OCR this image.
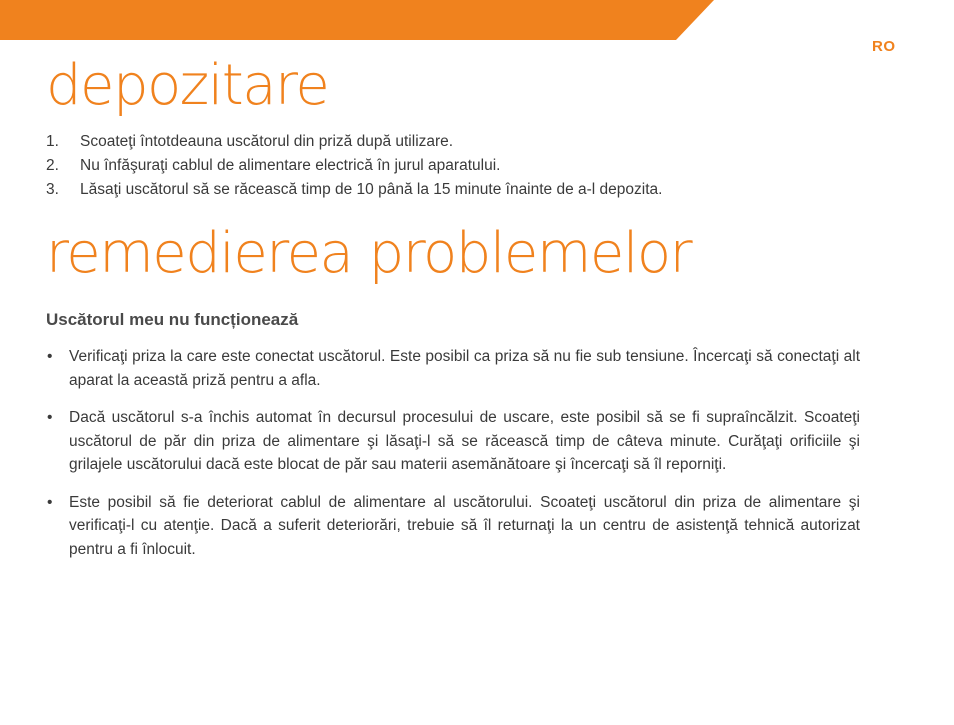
RO
depozitare
1.	Scoateţi întotdeauna uscătorul din priză după utilizare.
2.	Nu înfăşuraţi cablul de alimentare electrică în jurul aparatului.
3.	Lăsaţi uscătorul să se răcească timp de 10 până la 15 minute înainte de a-l depozita.
remedierea problemelor
Uscătorul meu nu funcționează
•	Verificaţi priza la care este conectat uscătorul. Este posibil ca priza să nu fie sub tensiune. Încercaţi să conectaţi alt aparat la această priză pentru a afla.
•	Dacă uscătorul s-a închis automat în decursul procesului de uscare, este posibil să se fi supraîncălzit. Scoateţi uscătorul de păr din priza de alimentare şi lăsaţi-l să se răcească timp de câteva minute. Curăţaţi orificiile şi grilajele uscătorului dacă este blocat de păr sau materii asemănătoare şi încercaţi să îl reporniţi.
•	Este posibil să fie deteriorat cablul de alimentare al uscătorului. Scoateţi uscătorul din priza de alimentare şi verificaţi-l cu atenţie. Dacă a suferit deteriorări, trebuie să îl returnaţi la un centru de asistenţă tehnică autorizat pentru a fi înlocuit.
